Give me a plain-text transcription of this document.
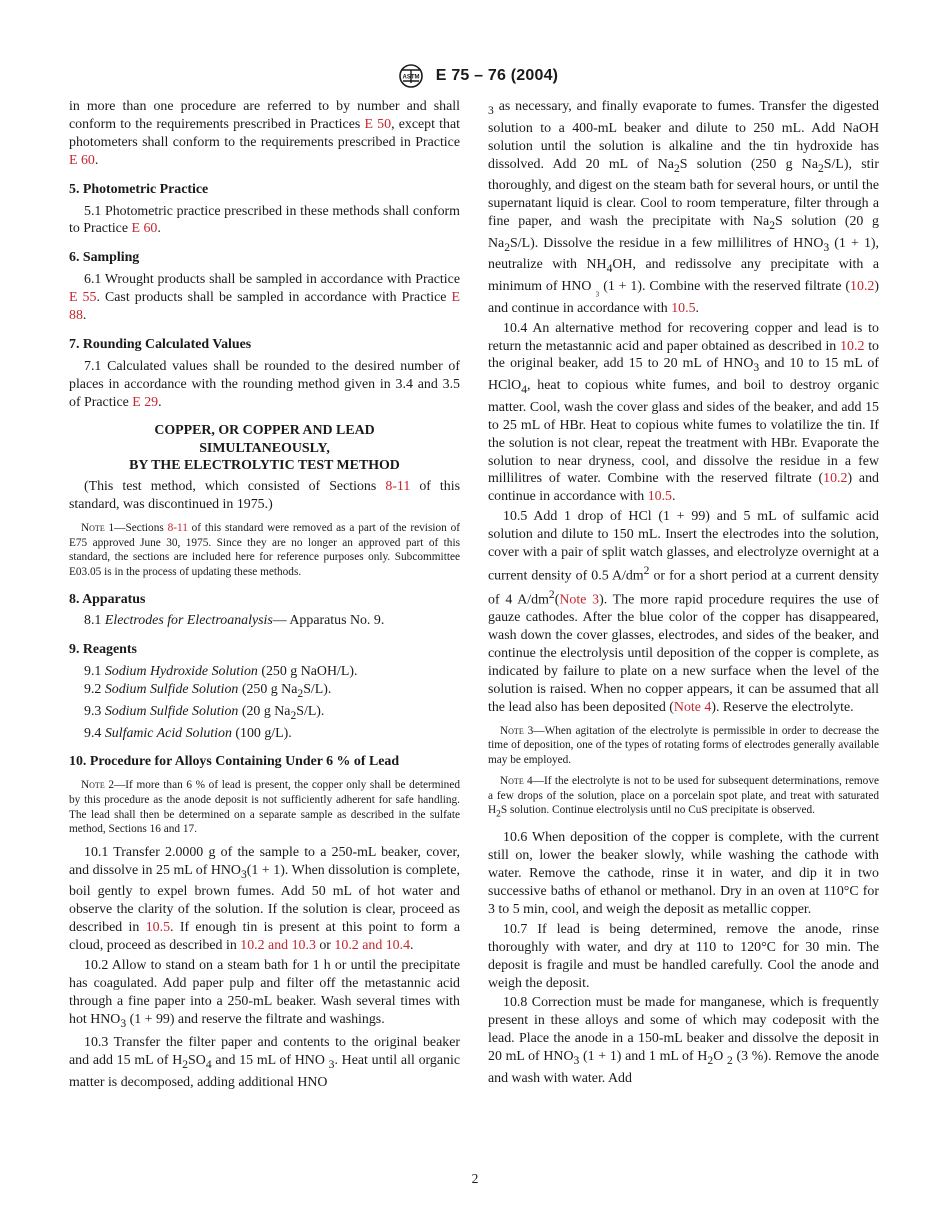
ASTM E 75 – 76 (2004)

in more than one procedure are referred to by number and shall conform to the requirements prescribed in Practices E 50, except that photometers shall conform to the requirements prescribed in Practice E 60.

5. Photometric Practice

5.1 Photometric practice prescribed in these methods shall conform to Practice E 60.

6. Sampling

6.1 Wrought products shall be sampled in accordance with Practice E 55. Cast products shall be sampled in accordance with Practice E 88.

7. Rounding Calculated Values

7.1 Calculated values shall be rounded to the desired number of places in accordance with the rounding method given in 3.4 and 3.5 of Practice E 29.

COPPER, OR COPPER AND LEAD
SIMULTANEOUSLY,
BY THE ELECTROLYTIC TEST METHOD

(This test method, which consisted of Sections 8-11 of this standard, was discontinued in 1975.)

Note 1—Sections 8-11 of this standard were removed as a part of the revision of E75 approved June 30, 1975. Since they are no longer an approved part of this standard, the sections are included here for reference purposes only. Subcommittee E03.05 is in the process of updating these methods.

8. Apparatus

8.1 Electrodes for Electroanalysis— Apparatus No. 9.

9. Reagents

9.1 Sodium Hydroxide Solution (250 g NaOH/L).

9.2 Sodium Sulfide Solution (250 g $Na_2S/L$).

9.3 Sodium Sulfide Solution (20 g $Na_2S/L$).

9.4 Sulfamic Acid Solution (100 g/L).

10. Procedure for Alloys Containing Under 6 % of Lead

Note 2—If more than 6 % of lead is present, the copper only shall be determined by this procedure as the anode deposit is not sufficiently adherent for safe handling. The lead shall then be determined on a separate sample as described in the sulfate method, Sections 16 and 17.

10.1 Transfer 2.0000 g of the sample to a 250-mL beaker, cover, and dissolve in 25 mL of $HNO_3(1 + 1)$. When dissolution is complete, boil gently to expel brown fumes. Add 50 mL of hot water and observe the clarity of the solution. If the solution is clear, proceed as described in 10.5. If enough tin is present at this point to form a cloud, proceed as described in 10.2 and 10.3 or 10.2 and 10.4.

10.2 Allow to stand on a steam bath for 1 h or until the precipitate has coagulated. Add paper pulp and filter off the metastannic acid through a fine paper into a 250-mL beaker. Wash several times with hot $HNO_3$ (1 + 99) and reserve the filtrate and washings.

10.3 Transfer the filter paper and contents to the original beaker and add 15 mL of $H_2SO_4$ and 15 mL of HNO $_3$. Heat until all organic matter is decomposed, adding additional HNO

$_3$ as necessary, and finally evaporate to fumes. Transfer the digested solution to a 400-mL beaker and dilute to 250 mL. Add NaOH solution until the solution is alkaline and the tin hydroxide has dissolved. Add 20 mL of $Na_2S$ solution (250 g $Na_2S/L$), stir thoroughly, and digest on the steam bath for several hours, or until the supernatant liquid is clear. Cool to room temperature, filter through a fine paper, and wash the precipitate with $Na_2S$ solution (20 g $Na_2S/L$). Dissolve the residue in a few millilitres of $HNO_3$ (1 + 1), neutralize with $NH_4OH$, and redissolve any precipitate with a minimum of HNO $_{_3}$ (1 + 1). Combine with the reserved filtrate (10.2) and continue in accordance with 10.5.

10.4 An alternative method for recovering copper and lead is to return the metastannic acid and paper obtained as described in 10.2 to the original beaker, add 15 to 20 mL of $HNO_3$ and 10 to 15 mL of HClO$_4$, heat to copious white fumes, and boil to destroy organic matter. Cool, wash the cover glass and sides of the beaker, and add 15 to 25 mL of HBr. Heat to copious white fumes to volatilize the tin. If the solution is not clear, repeat the treatment with HBr. Evaporate the solution to near dryness, cool, and dissolve the residue in a few millilitres of water. Combine with the reserved filtrate (10.2) and continue in accordance with 10.5.

10.5 Add 1 drop of HCl (1 + 99) and 5 mL of sulfamic acid solution and dilute to 150 mL. Insert the electrodes into the solution, cover with a pair of split watch glasses, and electrolyze overnight at a current density of 0.5 $A/dm^2$ or for a short period at a current density of 4 $A/dm^2(Note$ 3). The more rapid procedure requires the use of gauze cathodes. After the blue color of the copper has disappeared, wash down the cover glasses, electrodes, and sides of the beaker, and continue the electrolysis until deposition of the copper is complete, as indicated by failure to plate on a new surface when the level of the solution is raised. When no copper appears, it can be assumed that all the lead also has been deposited (Note 4). Reserve the electrolyte.

Note 3—When agitation of the electrolyte is permissible in order to decrease the time of deposition, one of the types of rotating forms of electrodes generally available may be employed.

Note 4—If the electrolyte is not to be used for subsequent determinations, remove a few drops of the solution, place on a porcelain spot plate, and treat with saturated $H_2S$ solution. Continue electrolysis until no CuS precipitate is observed.

10.6 When deposition of the copper is complete, with the current still on, lower the beaker slowly, while washing the cathode with water. Remove the cathode, rinse it in water, and dip it in two successive baths of ethanol or methanol. Dry in an oven at 110°C for 3 to 5 min, cool, and weigh the deposit as metallic copper.

10.7 If lead is being determined, remove the anode, rinse thoroughly with water, and dry at 110 to 120°C for 30 min. The deposit is fragile and must be handled carefully. Cool the anode and weigh the deposit.

10.8 Correction must be made for manganese, which is frequently present in these alloys and some of which may codeposit with the lead. Place the anode in a 150-mL beaker and dissolve the deposit in 20 mL of $HNO_3$ (1 + 1) and 1 mL of $H_2O$ $_2$ (3 %). Remove the anode and wash with water. Add

2
